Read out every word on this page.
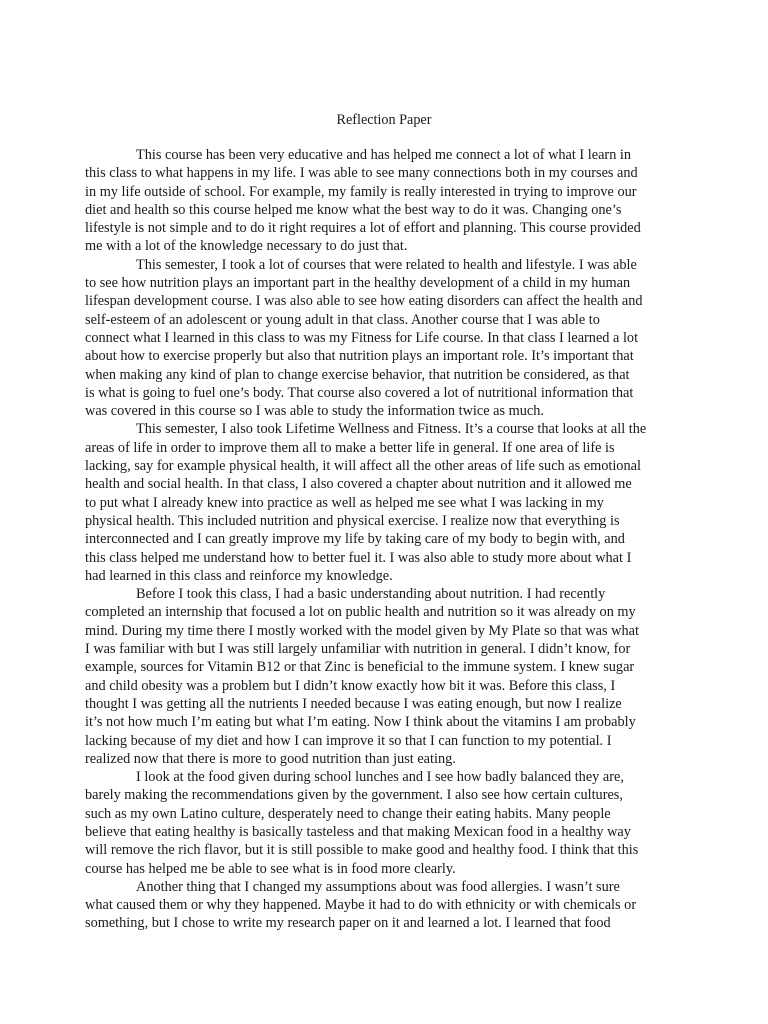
Reflection Paper

This course has been very educative and has helped me connect a lot of what I learn in
this class to what happens in my life. I was able to see many connections both in my courses and
in my life outside of school. For example, my family is really interested in trying to improve our
diet and health so this course helped me know what the best way to do it was. Changing one’s
lifestyle is not simple and to do it right requires a lot of effort and planning. This course provided
me with a lot of the knowledge necessary to do just that.

This semester, I took a lot of courses that were related to health and lifestyle. I was able
to see how nutrition plays an important part in the healthy development of a child in my human
lifespan development course. I was also able to see how eating disorders can affect the health and
self-esteem of an adolescent or young adult in that class. Another course that I was able to
connect what I learned in this class to was my Fitness for Life course. In that class I learned a lot
about how to exercise properly but also that nutrition plays an important role. It’s important that
when making any kind of plan to change exercise behavior, that nutrition be considered, as that
is what is going to fuel one’s body. That course also covered a lot of nutritional information that
was covered in this course so I was able to study the information twice as much.

This semester, I also took Lifetime Wellness and Fitness. It’s a course that looks at all the
areas of life in order to improve them all to make a better life in general. If one area of life is
lacking, say for example physical health, it will affect all the other areas of life such as emotional
health and social health. In that class, I also covered a chapter about nutrition and it allowed me
to put what I already knew into practice as well as helped me see what I was lacking in my
physical health. This included nutrition and physical exercise. I realize now that everything is
interconnected and I can greatly improve my life by taking care of my body to begin with, and
this class helped me understand how to better fuel it. I was also able to study more about what I
had learned in this class and reinforce my knowledge.

Before I took this class, I had a basic understanding about nutrition. I had recently
completed an internship that focused a lot on public health and nutrition so it was already on my
mind. During my time there I mostly worked with the model given by My Plate so that was what
I was familiar with but I was still largely unfamiliar with nutrition in general. I didn’t know, for
example, sources for Vitamin B12 or that Zinc is beneficial to the immune system. I knew sugar
and child obesity was a problem but I didn’t know exactly how bit it was. Before this class, I
thought I was getting all the nutrients I needed because I was eating enough, but now I realize
it’s not how much I’m eating but what I’m eating. Now I think about the vitamins I am probably
lacking because of my diet and how I can improve it so that I can function to my potential. I
realized now that there is more to good nutrition than just eating.

I look at the food given during school lunches and I see how badly balanced they are,
barely making the recommendations given by the government. I also see how certain cultures,
such as my own Latino culture, desperately need to change their eating habits. Many people
believe that eating healthy is basically tasteless and that making Mexican food in a healthy way
will remove the rich flavor, but it is still possible to make good and healthy food. I think that this
course has helped me be able to see what is in food more clearly.

Another thing that I changed my assumptions about was food allergies. I wasn’t sure
what caused them or why they happened. Maybe it had to do with ethnicity or with chemicals or
something, but I chose to write my research paper on it and learned a lot. I learned that food
